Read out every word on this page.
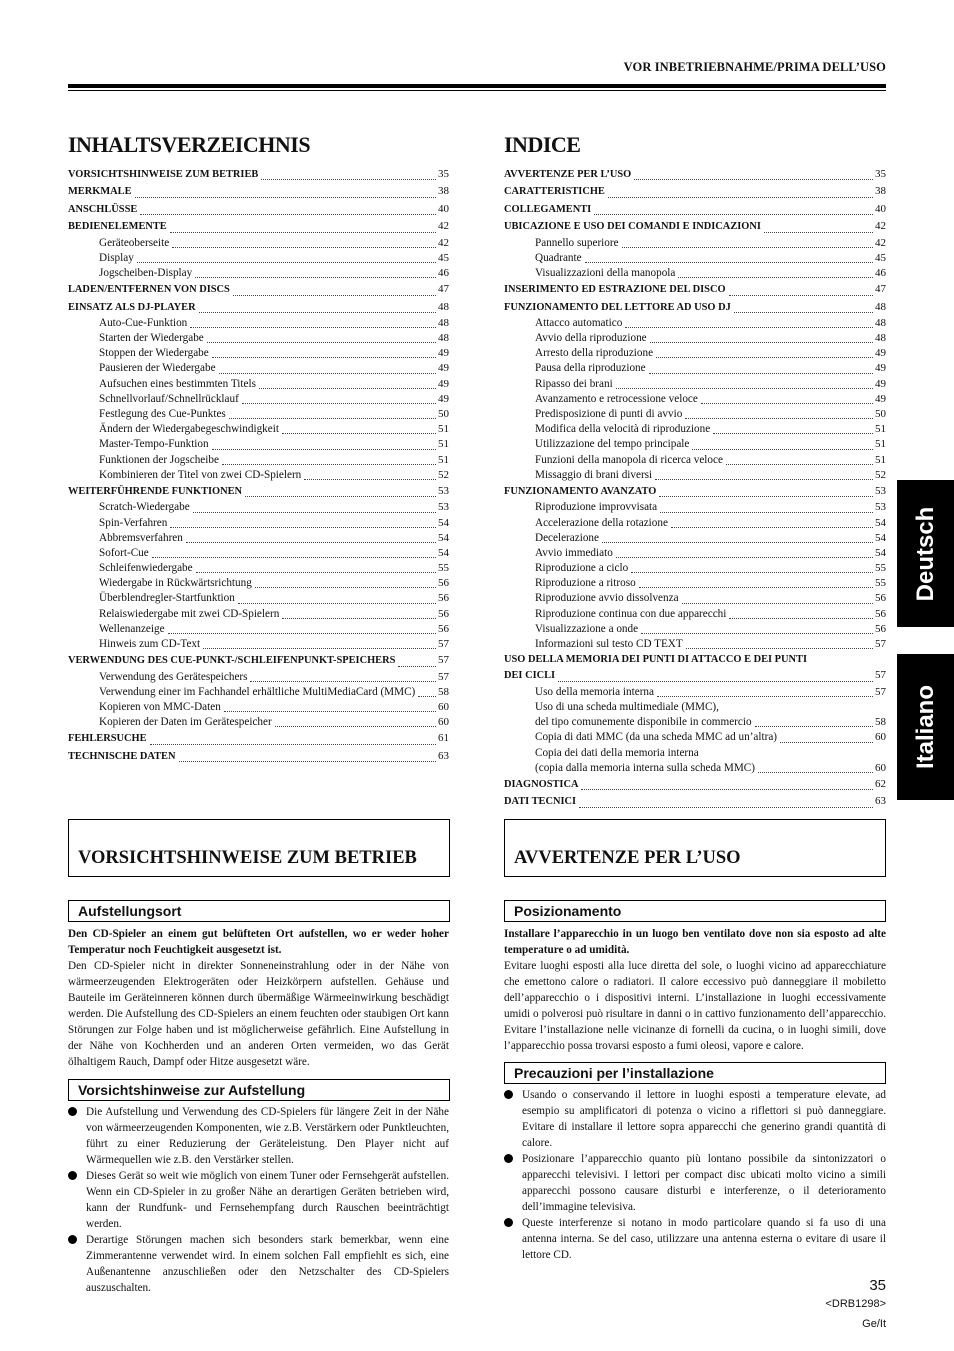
VOR INBETRIEBNAHME/PRIMA DELL’USO
INHALTSVERZEICHNIS
VORSICHTSHINWEISE ZUM BETRIEB	35
MERKMALE	38
ANSCHLÜSSE	40
BEDIENELEMENTE	42
Geräteoberseite	42
Display	45
Jogscheiben-Display	46
LADEN/ENTFERNEN VON DISCS	47
EINSATZ ALS DJ-PLAYER	48
Auto-Cue-Funktion	48
Starten der Wiedergabe	48
Stoppen der Wiedergabe	49
Pausieren der Wiedergabe	49
Aufsuchen eines bestimmten Titels	49
Schnellvorlauf/Schnellrücklauf	49
Festlegung des Cue-Punktes	50
Ändern der Wiedergabegeschwindigkeit	51
Master-Tempo-Funktion	51
Funktionen der Jogscheibe	51
Kombinieren der Titel von zwei CD-Spielern	52
WEITERFÜHRENDE FUNKTIONEN	53
Scratch-Wiedergabe	53
Spin-Verfahren	54
Abbremsverfahren	54
Sofort-Cue	54
Schleifenwiedergabe	55
Wiedergabe in Rückwärtsrichtung	56
Überblendregler-Startfunktion	56
Relaiswiedergabe mit zwei CD-Spielern	56
Wellenanzeige	56
Hinweis zum CD-Text	57
VERWENDUNG DES CUE-PUNKT-/SCHLEIFENPUNKT-SPEICHERS	57
Verwendung des Gerätespeichers	57
Verwendung einer im Fachhandel erhältliche MultiMediaCard (MMC) 58
Kopieren von MMC-Daten	60
Kopieren der Daten im Gerätespeicher	60
FEHLERSUCHE	61
TECHNISCHE DATEN	63
INDICE
AVVERTENZE PER L’USO	35
CARATTERISTICHE	38
COLLEGAMENTI	40
UBICAZIONE E USO DEI COMANDI E INDICAZIONI	42
Pannello superiore	42
Quadrante	45
Visualizzazioni della manopola	46
INSERIMENTO ED ESTRAZIONE DEL DISCO	47
FUNZIONAMENTO DEL LETTORE AD USO DJ	48
Attacco automatico	48
Avvio della riproduzione	48
Arresto della riproduzione	49
Pausa della riproduzione	49
Ripasso dei brani	49
Avanzamento e retrocessione veloce	49
Predisposizione di punti di avvio	50
Modifica della velocità di riproduzione	51
Utilizzazione del tempo principale	51
Funzioni della manopola di ricerca veloce	51
Missaggio di brani diversi	52
FUNZIONAMENTO AVANZATO	53
Riproduzione improvvisata	53
Accelerazione della rotazione	54
Decelerazione	54
Avvio immediato	54
Riproduzione a ciclo	55
Riproduzione a ritroso	55
Riproduzione avvio dissolvenza	56
Riproduzione continua con due apparecchi	56
Visualizzazione a onde	56
Informazioni sul testo CD TEXT	57
USO DELLA MEMORIA DEI PUNTI DI ATTACCO E DEI PUNTI
DEI CICLI	57
Uso della memoria interna	57
Uso di una scheda multimediale (MMC),
del tipo comunemente disponibile in commercio	58
Copia di dati MMC (da una scheda MMC ad un’altra)	60
Copia dei dati della memoria interna
(copia dalla memoria interna sulla scheda MMC)	60
DIAGNOSTICA	62
DATI TECNICI	63
VORSICHTSHINWEISE ZUM BETRIEB
Aufstellungsort
Den CD-Spieler an einem gut belüfteten Ort aufstellen, wo er weder hoher Temperatur noch Feuchtigkeit ausgesetzt ist.
Den CD-Spieler nicht in direkter Sonneneinstrahlung oder in der Nähe von wärmeerzeugenden Elektrogeräten oder Heizkörpern aufstellen. Gehäuse und Bauteile im Geräteinneren können durch übermäßige Wärmeeinwirkung beschädigt werden. Die Aufstellung des CD-Spielers an einem feuchten oder staubigen Ort kann Störungen zur Folge haben und ist möglicherweise gefährlich. Eine Aufstellung in der Nähe von Kochherden und an anderen Orten vermeiden, wo das Gerät ölhaltigem Rauch, Dampf oder Hitze ausgesetzt wäre.
Vorsichtshinweise zur Aufstellung
Die Aufstellung und Verwendung des CD-Spielers für längere Zeit in der Nähe von wärmeerzeugenden Komponenten, wie z.B. Verstärkern oder Punktleuchten, führt zu einer Reduzierung der Geräteleistung. Den Player nicht auf Wärmequellen wie z.B. den Verstärker stellen.
Dieses Gerät so weit wie möglich von einem Tuner oder Fernsehgerät aufstellen. Wenn ein CD-Spieler in zu großer Nähe an derartigen Geräten betrieben wird, kann der Rundfunk- und Fernsehempfang durch Rauschen beeinträchtigt werden.
Derartige Störungen machen sich besonders stark bemerkbar, wenn eine Zimmerantenne verwendet wird. In einem solchen Fall empfiehlt es sich, eine Außenantenne anzuschließen oder den Netzschalter des CD-Spielers auszuschalten.
AVVERTENZE PER L’USO
Posizionamento
Installare l’apparecchio in un luogo ben ventilato dove non sia esposto ad alte temperature o ad umidità.
Evitare luoghi esposti alla luce diretta del sole, o luoghi vicino ad apparecchiature che emettono calore o radiatori. Il calore eccessivo può danneggiare il mobiletto dell’apparecchio o i dispositivi interni. L’installazione in luoghi eccessivamente umidi o polverosi può risultare in danni o in cattivo funzionamento dell’apparecchio. Evitare l’installazione nelle vicinanze di fornelli da cucina, o in luoghi simili, dove l’apparecchio possa trovarsi esposto a fumi oleosi, vapore e calore.
Precauzioni per l’installazione
Usando o conservando il lettore in luoghi esposti a temperature elevate, ad esempio su amplificatori di potenza o vicino a riflettori si può danneggiare. Evitare di installare il lettore sopra apparecchi che generino grandi quantità di calore.
Posizionare l’apparecchio quanto più lontano possibile da sintonizzatori o apparecchi televisivi. I lettori per compact disc ubicati molto vicino a simili apparecchi possono causare disturbi e interferenze, o il deterioramento dell’immagine televisiva.
Queste interferenze si notano in modo particolare quando si fa uso di una antenna interna. Se del caso, utilizzare una antenna esterna o evitare di usare il lettore CD.
Deutsch
Italiano
35
<DRB1298>
Ge/It
